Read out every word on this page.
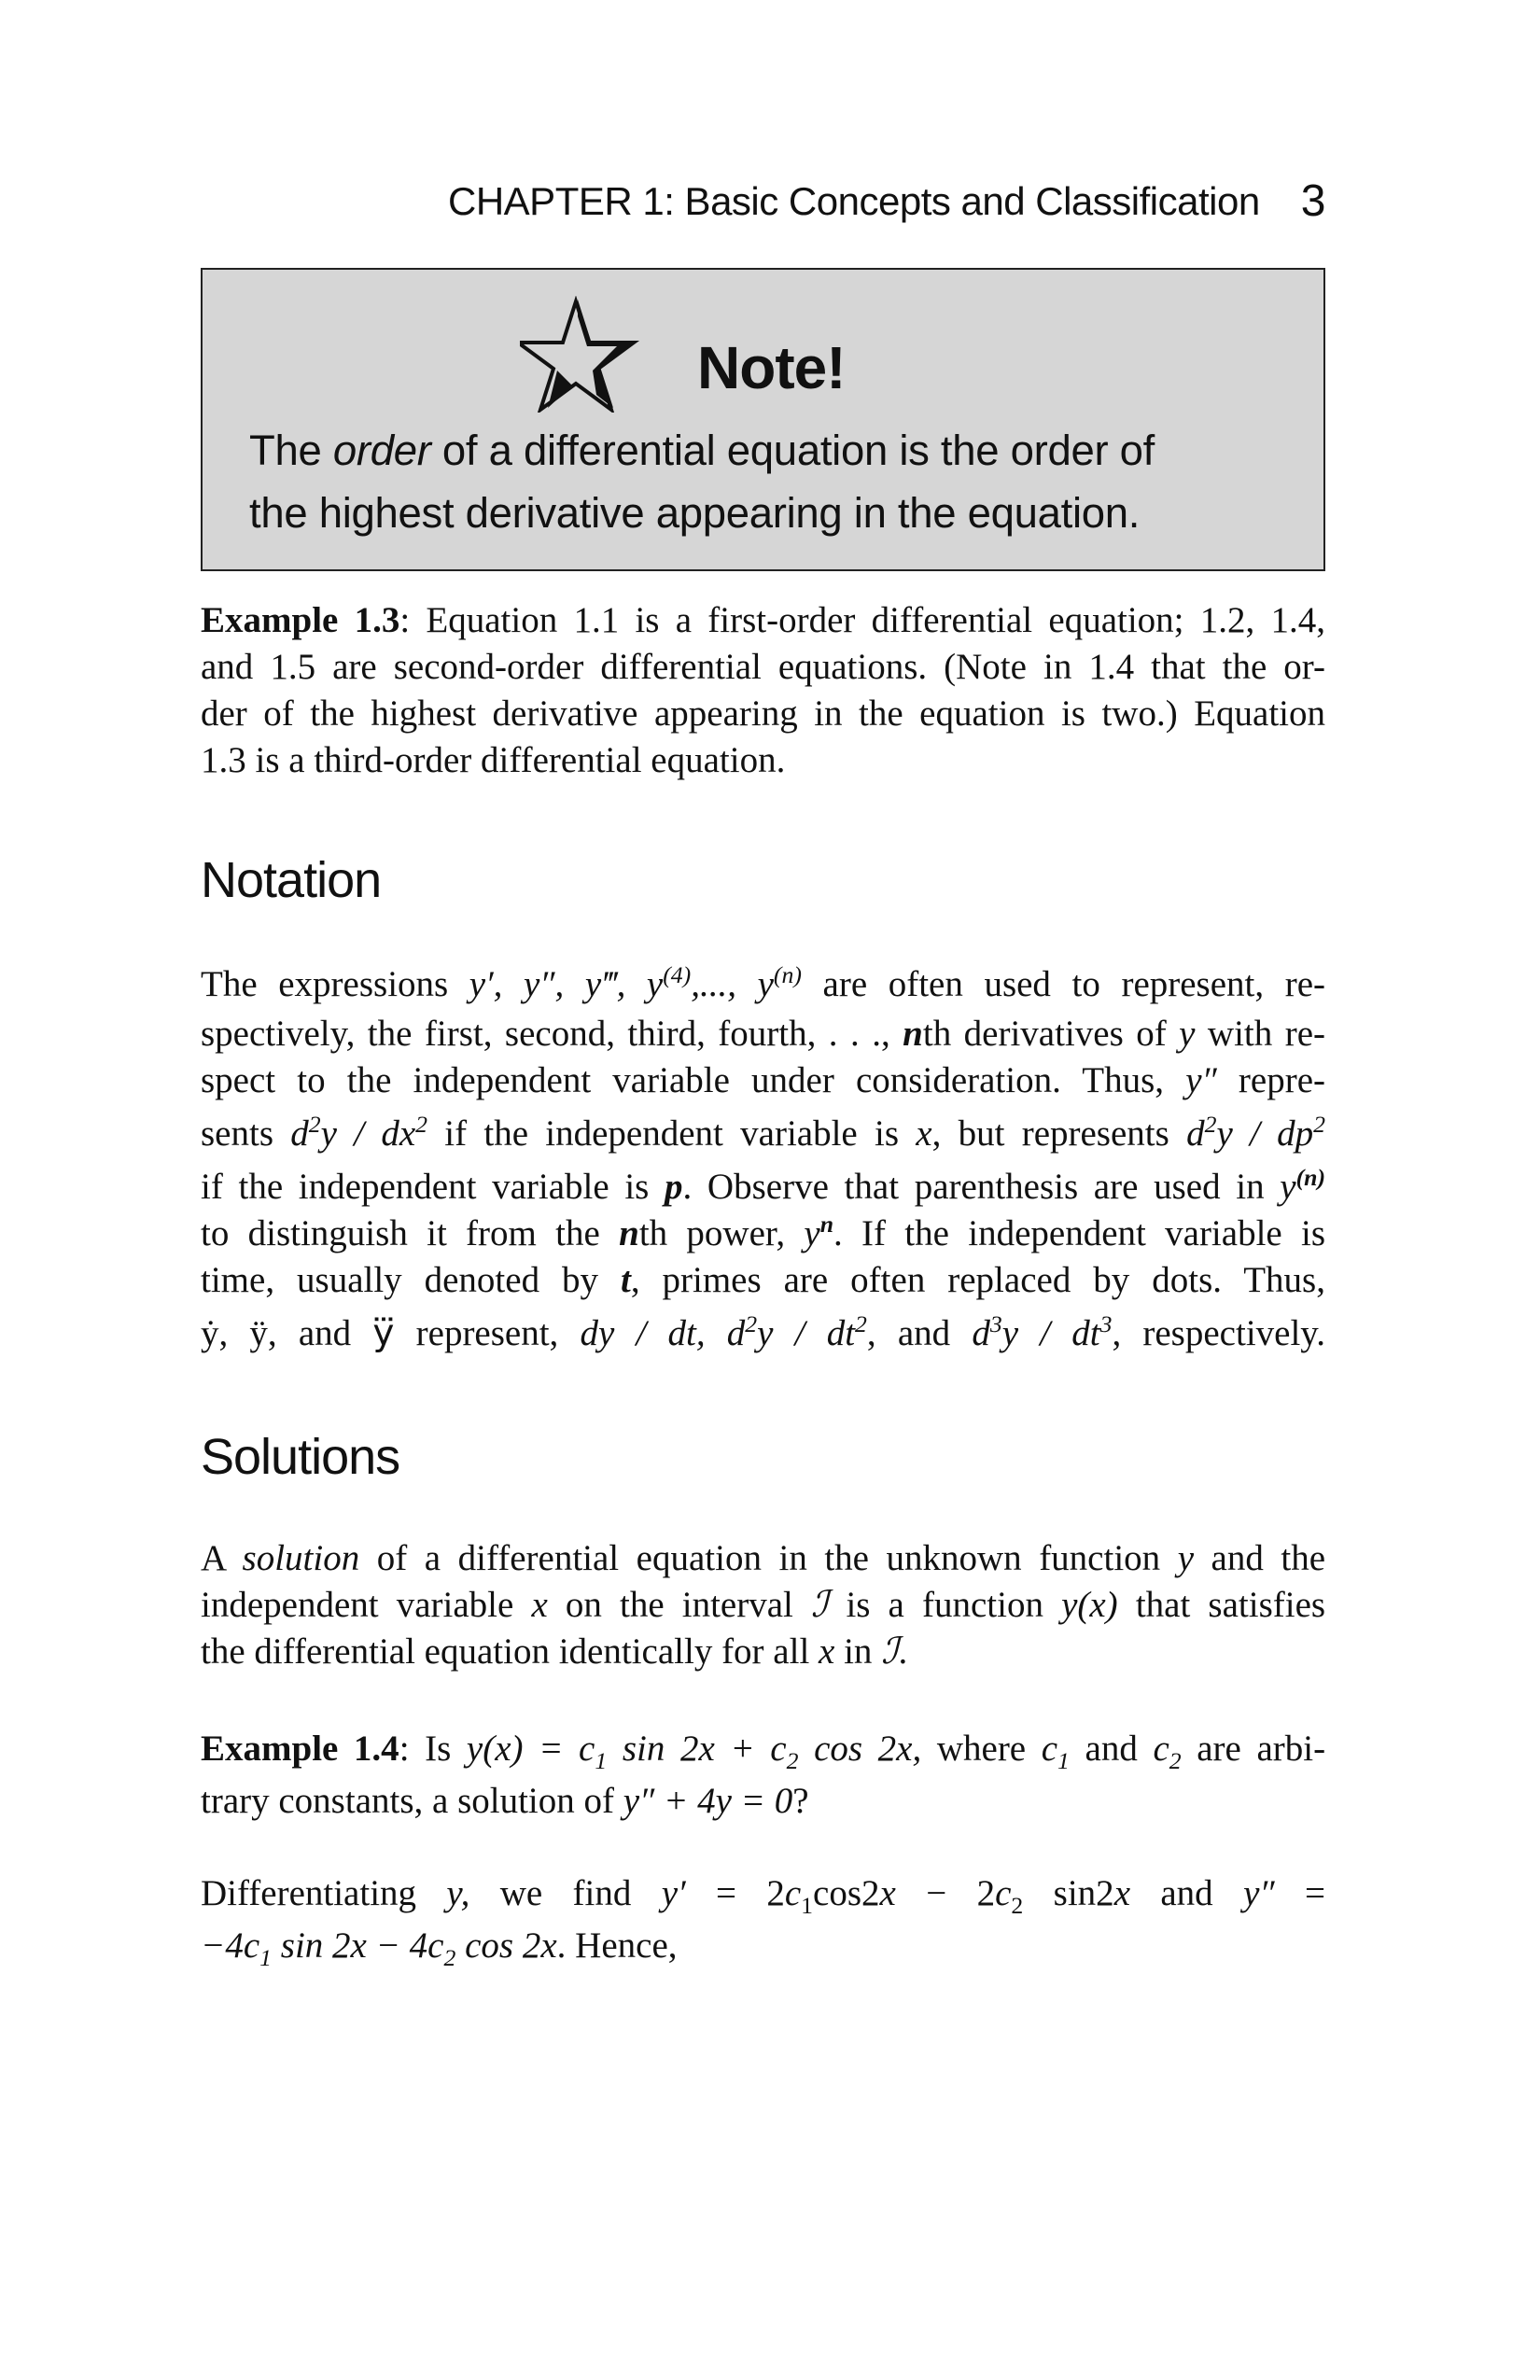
CHAPTER 1: Basic Concepts and Classification 3
Note!

The order of a differential equation is the order of

the highest derivative appearing in the equation.

Example 1.3: Equation 1.1 is a first-order differential equation; 1.2, 1.4,
and 1.5 are second-order differential equations. (Note in 1.4 that the or-
der of the highest derivative appearing in the equation is two.) Equation
1.3 is a third-order differential equation.
Notation
The expressions y′, y″, y‴, $y^{(4)}$,..., $y^{(n)}$ are often used to represent, re-
spectively, the first, second, third, fourth, . . ., nth derivatives of y with re-
spect to the independent variable under consideration. Thus, y″ repre-
sents $d^2y / dx^2$ if the independent variable is x, but represents $d^2y / dp^2$
if the independent variable is p. Observe that parenthesis are used in $y^{(n)}$
to distinguish it from the nth power, $y^n$. If the independent variable is
time, usually denoted by t, primes are often replaced by dots. Thus,
ẏ, ÿ, and y⃛ represent, dy / dt, $d^2y / dt^2$, and $d^3y / dt^3$, respectively.
Solutions
A solution of a differential equation in the unknown function y and the
independent variable x on the interval ℐ is a function y(x) that satisfies
the differential equation identically for all x in ℐ.
Example 1.4: Is $y(x) = c_1$ $\sin 2x + c_2$ cos 2x, where $c_1$ and $c_2$ are arbi-
trary constants, a solution of y″ + 4y = 0?
Differentiating y, we find $y' = 2c_1\cos 2x - 2c_2$ sin2x and y″ =
$-4c_1$ $\sin 2x - 4c_2$ cos 2x. Hence,
